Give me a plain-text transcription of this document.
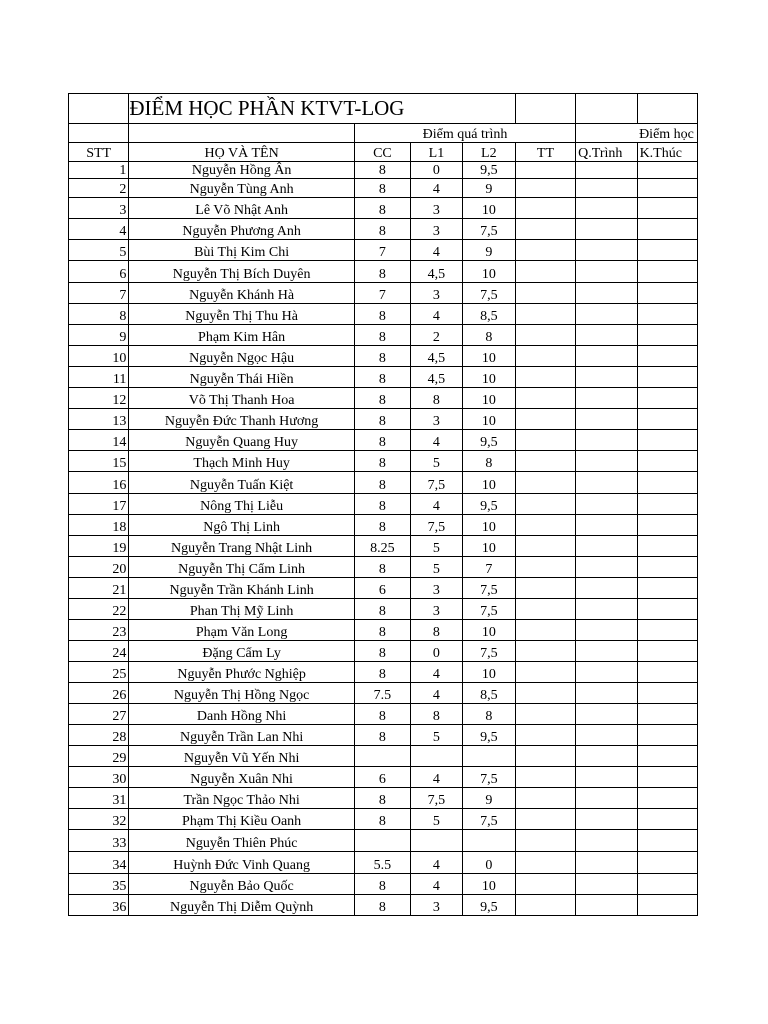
	ĐIỂM HỌC PHẦN KTVT-LOG						
		Điểm quá trình					Điểm học
STT	HỌ VÀ TÊN	CC	L1	L2	TT	Q.Trình	K.Thúc
1	Nguyễn Hồng Ân	8	0	9,5			
2	Nguyễn Tùng Anh	8	4	9			
3	Lê Võ Nhật Anh	8	3	10			
4	Nguyễn Phương Anh	8	3	7,5			
5	Bùi Thị Kim Chi	7	4	9			
6	Nguyễn Thị Bích Duyên	8	4,5	10			
7	Nguyễn Khánh Hà	7	3	7,5			
8	Nguyễn Thị Thu Hà	8	4	8,5			
9	Phạm Kim Hân	8	2	8			
10	Nguyễn Ngọc Hậu	8	4,5	10			
11	Nguyễn Thái Hiền	8	4,5	10			
12	Võ Thị Thanh Hoa	8	8	10			
13	Nguyễn Đức Thanh Hương	8	3	10			
14	Nguyễn Quang Huy	8	4	9,5			
15	Thạch Minh Huy	8	5	8			
16	Nguyễn Tuấn Kiệt	8	7,5	10			
17	Nông Thị Liễu	8	4	9,5			
18	Ngô Thị Linh	8	7,5	10			
19	Nguyễn Trang Nhật Linh	8.25	5	10			
20	Nguyễn Thị Cẩm Linh	8	5	7			
21	Nguyễn Trần Khánh Linh	6	3	7,5			
22	Phan Thị Mỹ Linh	8	3	7,5			
23	Phạm Văn Long	8	8	10			
24	Đặng Cẩm Ly	8	0	7,5			
25	Nguyễn Phước Nghiệp	8	4	10			
26	Nguyễn Thị Hồng Ngọc	7.5	4	8,5			
27	Danh Hồng Nhi	8	8	8			
28	Nguyễn Trần Lan Nhi	8	5	9,5			
29	Nguyễn Vũ Yến Nhi						
30	Nguyễn Xuân Nhi	6	4	7,5			
31	Trần Ngọc Thảo Nhi	8	7,5	9			
32	Phạm Thị Kiều Oanh	8	5	7,5			
33	Nguyễn Thiên Phúc						
34	Huỳnh Đức Vinh Quang	5.5	4	0			
35	Nguyễn Bảo Quốc	8	4	10			
36	Nguyễn Thị Diễm Quỳnh	8	3	9,5			
